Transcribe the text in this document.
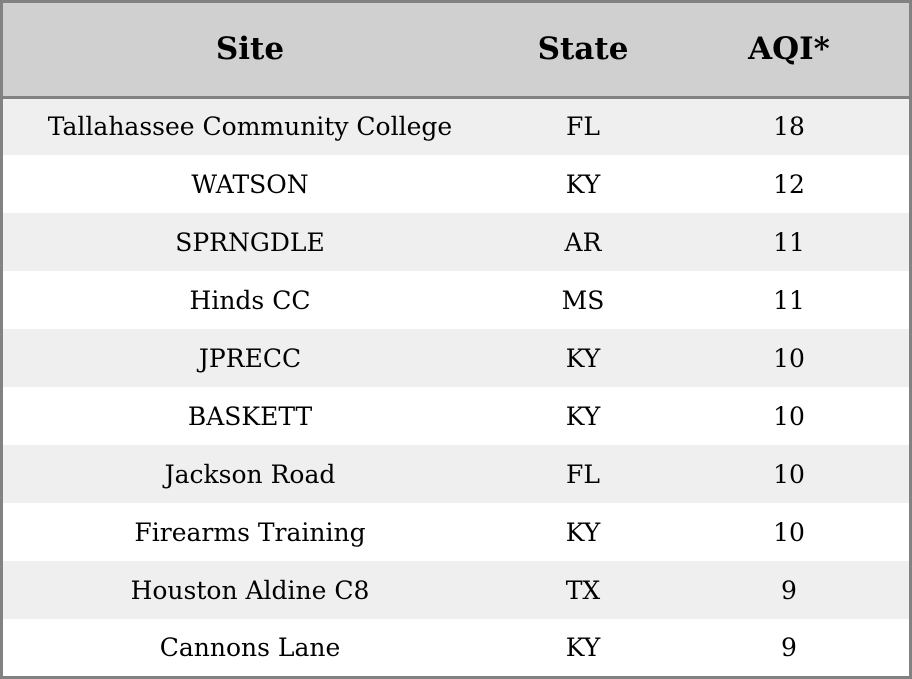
Site	State	AQI*
Tallahassee Community College	FL	18
WATSON	KY	12
SPRNGDLE	AR	11
Hinds CC	MS	11
JPRECC	KY	10
BASKETT	KY	10
Jackson Road	FL	10
Firearms Training	KY	10
Houston Aldine C8	TX	9
Cannons Lane	KY	9
